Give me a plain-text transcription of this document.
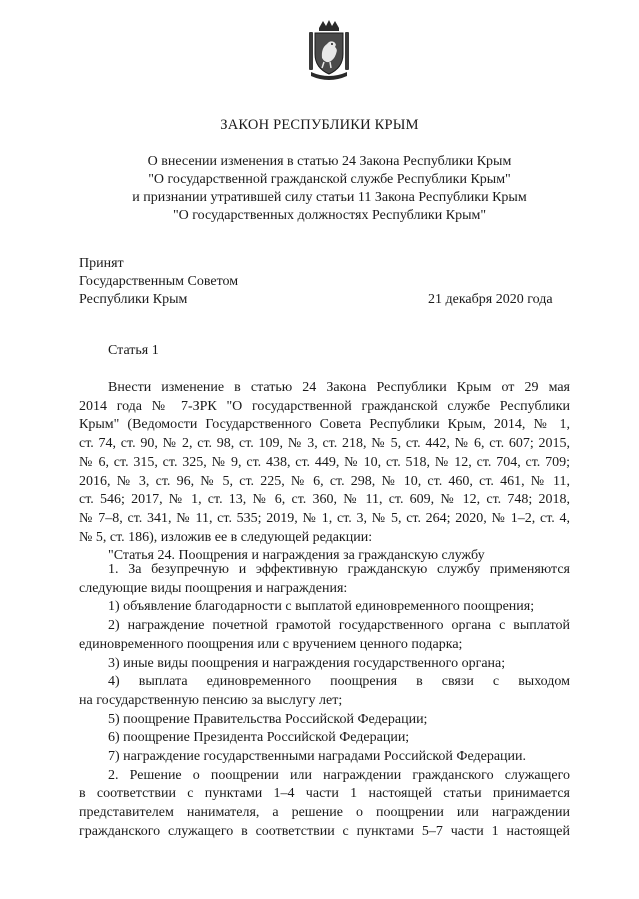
ЗАКОН РЕСПУБЛИКИ КРЫМ
О внесении изменения в статью 24 Закона Республики Крым
"О государственной гражданской службе Республики Крым"
и признании утратившей силу статьи 11 Закона Республики Крым
"О государственных должностях Республики Крым"
Принят
Государственным Советом
Республики Крым	21 декабря 2020 года
Статья 1
Внести изменение в статью 24 Закона Республики Крым от 29 мая
2014 года № 7-ЗРК "О государственной гражданской службе Республики
Крым" (Ведомости Государственного Совета Республики Крым, 2014, № 1,
ст. 74, ст. 90, № 2, ст. 98, ст. 109, № 3, ст. 218, № 5, ст. 442, № 6, ст. 607; 2015,
№ 6, ст. 315, ст. 325, № 9, ст. 438, ст. 449, № 10, ст. 518, № 12, ст. 704, ст. 709;
2016, № 3, ст. 96, № 5, ст. 225, № 6, ст. 298, № 10, ст. 460, ст. 461, № 11,
ст. 546; 2017, № 1, ст. 13, № 6, ст. 360, № 11, ст. 609, № 12, ст. 748; 2018,
№ 7–8, ст. 341, № 11, ст. 535; 2019, № 1, ст. 3, № 5, ст. 264; 2020, № 1–2, ст. 4,
№ 5, ст. 186), изложив ее в следующей редакции:
"Статья 24. Поощрения и награждения за гражданскую службу
1. За безупречную и эффективную гражданскую службу применяются
следующие виды поощрения и награждения:
1) объявление благодарности с выплатой единовременного поощрения;
2) награждение почетной грамотой государственного органа с выплатой
единовременного поощрения или с вручением ценного подарка;
3) иные виды поощрения и награждения государственного органа;
4) выплата единовременного поощрения в связи с выходом
на государственную пенсию за выслугу лет;
5) поощрение Правительства Российской Федерации;
6) поощрение Президента Российской Федерации;
7) награждение государственными наградами Российской Федерации.
2. Решение о поощрении или награждении гражданского служащего
в соответствии с пунктами 1–4 части 1 настоящей статьи принимается
представителем нанимателя, а решение о поощрении или награждении
гражданского служащего в соответствии с пунктами 5–7 части 1 настоящей
